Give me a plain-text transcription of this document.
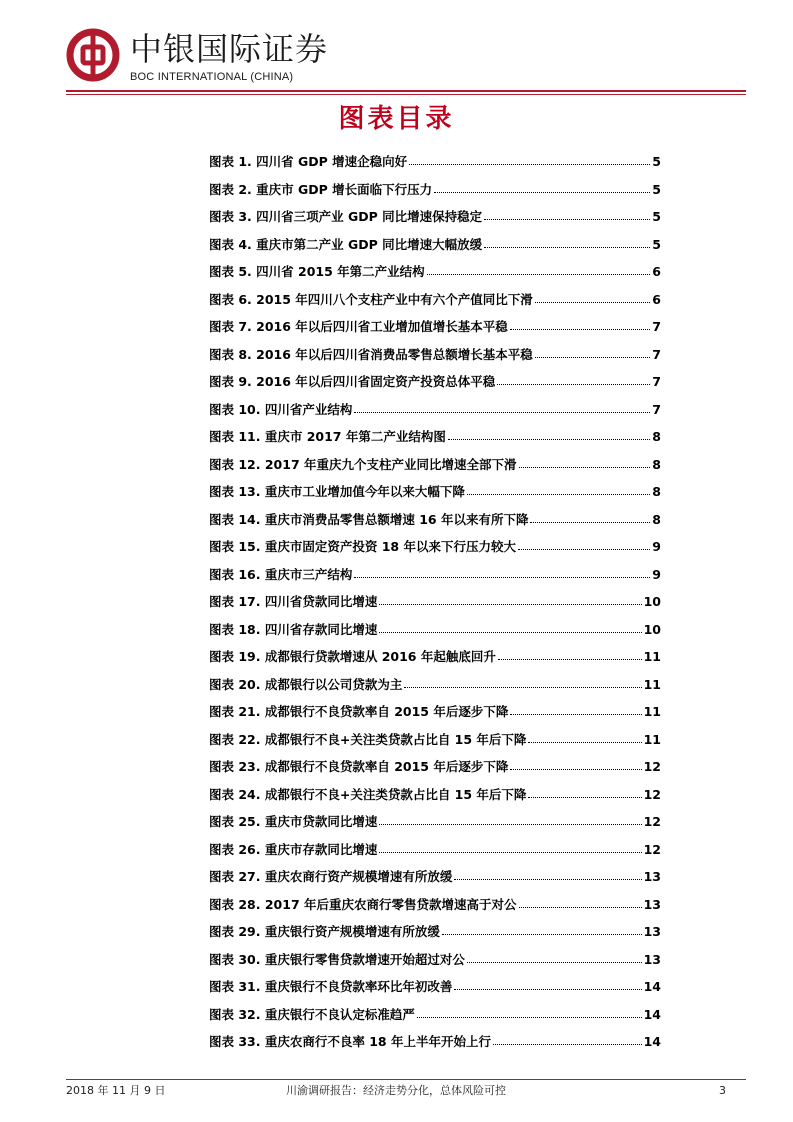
中银国际证券
BOC INTERNATIONAL (CHINA)
图表目录
图表 1. 四川省 GDP 增速企稳向好	5
图表 2. 重庆市 GDP 增长面临下行压力	5
图表 3. 四川省三项产业 GDP 同比增速保持稳定	5
图表 4. 重庆市第二产业 GDP 同比增速大幅放缓	5
图表 5. 四川省 2015 年第二产业结构	6
图表 6. 2015 年四川八个支柱产业中有六个产值同比下滑	6
图表 7. 2016 年以后四川省工业增加值增长基本平稳	7
图表 8. 2016 年以后四川省消费品零售总额增长基本平稳	7
图表 9. 2016 年以后四川省固定资产投资总体平稳	7
图表 10. 四川省产业结构	7
图表 11. 重庆市 2017 年第二产业结构图	8
图表 12. 2017 年重庆九个支柱产业同比增速全部下滑	8
图表 13. 重庆市工业增加值今年以来大幅下降	8
图表 14. 重庆市消费品零售总额增速 16 年以来有所下降	8
图表 15. 重庆市固定资产投资 18 年以来下行压力较大	9
图表 16. 重庆市三产结构	9
图表 17. 四川省贷款同比增速	10
图表 18. 四川省存款同比增速	10
图表 19. 成都银行贷款增速从 2016 年起触底回升	11
图表 20. 成都银行以公司贷款为主	11
图表 21. 成都银行不良贷款率自 2015 年后逐步下降	11
图表 22. 成都银行不良+关注类贷款占比自 15 年后下降	11
图表 23. 成都银行不良贷款率自 2015 年后逐步下降	12
图表 24. 成都银行不良+关注类贷款占比自 15 年后下降	12
图表 25. 重庆市贷款同比增速	12
图表 26. 重庆市存款同比增速	12
图表 27. 重庆农商行资产规模增速有所放缓	13
图表 28. 2017 年后重庆农商行零售贷款增速高于对公	13
图表 29. 重庆银行资产规模增速有所放缓	13
图表 30. 重庆银行零售贷款增速开始超过对公	13
图表 31. 重庆银行不良贷款率环比年初改善	14
图表 32. 重庆银行不良认定标准趋严	14
图表 33. 重庆农商行不良率 18 年上半年开始上行	14
2018 年 11 月 9 日	川渝调研报告：经济走势分化，总体风险可控	3
